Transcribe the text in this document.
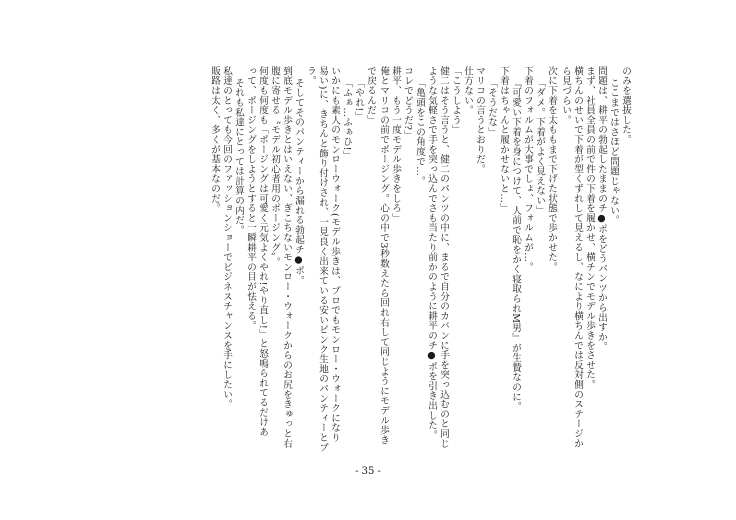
のみを選抜した。
ここまではさほど問題じゃない。
問題は、耕平の勃起したままのチ●ポをどうパンツから出すか。
まず、社員全員の前で件の下着を履かせ、横チンでモデル歩きをさせた。
横ちんのせいで下着が型くずれして見えるし、なにより横ちんでは反対側のステージか
ら見づらい。
次に下着を太ももまで下げた状態で歩かせた。
「ダメ。下着がよく見えない」
下着のフォルムが大事でしょ、フォルムが…。
『可愛い下着を身につけて、人前で恥をかく寝取られM男』が生贄なのに。
下着はちゃんと履かせないと…」
「そうだな」
マリコの言うとおりだ。
仕方ない。
「こうしよう」
健二はそう言うと、健二のパンツの中に、まるで自分のカバンに手を突っ込むのと同じ
ような気軽さで手を突っ込んでさも当たり前かのように耕平のチ●ポを引き出した。
「亀頭をこの角度で…。
コレでどうだ?」
耕平、もう一度モデル歩きをしろ」
俺とマリコの前でポージング。心の中で3秒数えたら回れ右して同じようにモデル歩き
で戻るんだ」
「やれ!」
「ふぁ…ふぁひ!」
いかにも素人のモンローウォーク(モデル歩きは、プロでもモンロー・ウォークになり
易い)に、きちんと飾り付けされ、一見良く出来ている安いピンク生地のパンティーとブ
ラ。
そしてそのパンティーから漏れる勃起チ●ポ。
到底モデル歩きとはいえない、ぎこちないモンロー・ウォークからのお尻をきゅっと右
腹に寄せる〝モデル初心者用のポージング〟。
何度も何度も「ポージングは可愛く元気よくやれ!やり直し!」と怒鳴られてるだけあ
って、ポージングをしようとすると一瞬耕平の目が怯える。
それも私達にとっては計算の内だ。
私達のとっても今回のファッションショーでビジネスチャンスを手にしたい。
販路は太く、多くが基本なのだ。
- 35 -
